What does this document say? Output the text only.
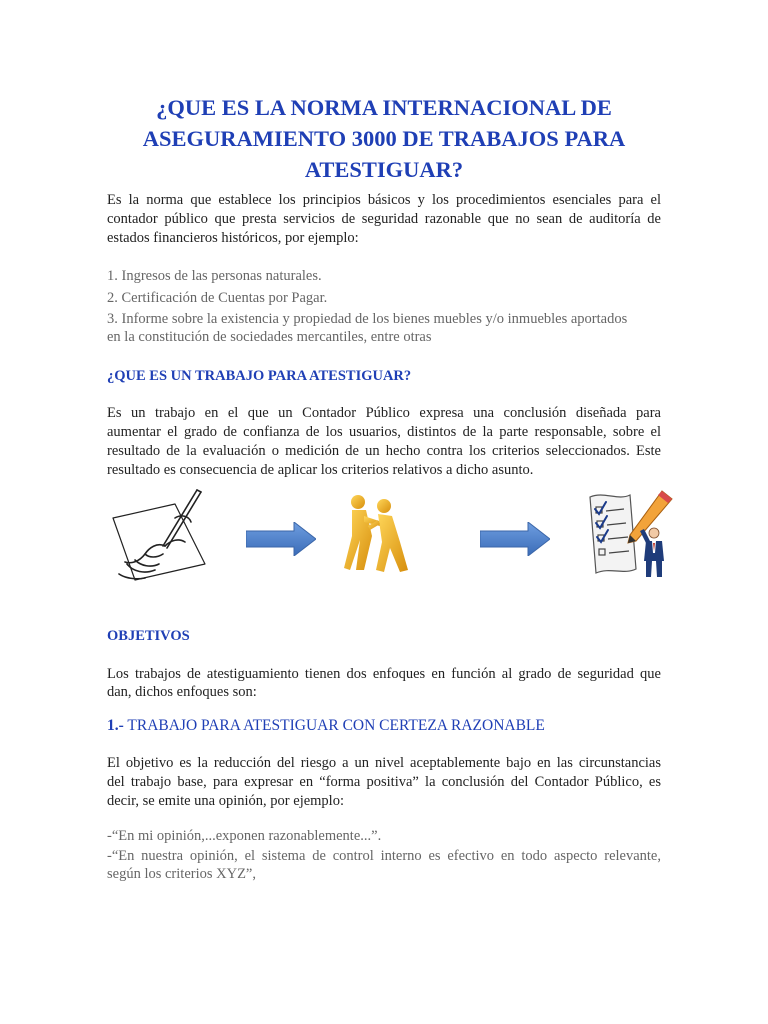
¿QUE ES LA NORMA INTERNACIONAL DE ASEGURAMIENTO 3000 DE TRABAJOS PARA ATESTIGUAR?

Es la norma que establece los principios básicos y los procedimientos esenciales para el

contador público que presta servicios de seguridad razonable que no sean de auditoría de

estados financieros históricos, por ejemplo:

1. Ingresos de las personas naturales.

2. Certificación de Cuentas por Pagar.

3. Informe sobre la existencia y propiedad de los bienes muebles y/o inmuebles aportados

en la constitución de sociedades mercantiles, entre otras

¿QUE ES UN TRABAJO PARA ATESTIGUAR?

Es un trabajo en el que un Contador Público expresa una conclusión diseñada para

aumentar el grado de confianza de los usuarios, distintos de la parte responsable, sobre el

resultado de la evaluación o medición de un hecho contra los criterios seleccionados. Este

resultado es consecuencia de aplicar los criterios relativos a dicho asunto.

OBJETIVOS

Los trabajos de atestiguamiento tienen dos enfoques en función al grado de seguridad que

dan, dichos enfoques son:

1.- TRABAJO PARA ATESTIGUAR CON CERTEZA RAZONABLE

El objetivo es la reducción del riesgo a un nivel aceptablemente bajo en las circunstancias

del trabajo base, para expresar en “forma positiva” la conclusión del Contador Público, es

decir, se emite una opinión, por ejemplo:

-“En mi opinión,...exponen razonablemente...”.

-“En nuestra opinión, el sistema de control interno es efectivo en todo aspecto relevante,

según los criterios XYZ”,
